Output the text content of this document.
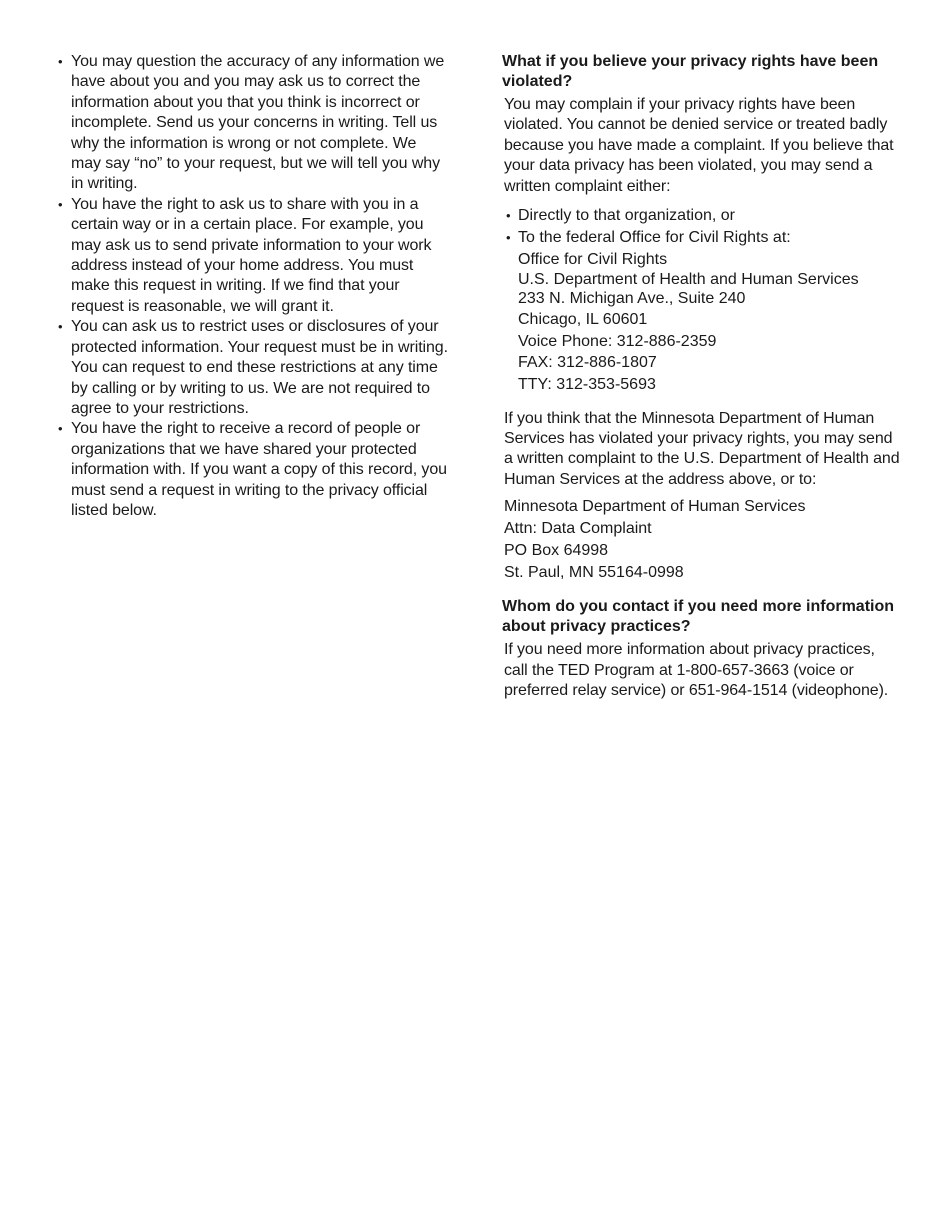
• You may question the accuracy of any information we have about you and you may ask us to correct the information about you that you think is incorrect or incomplete. Send us your concerns in writing. Tell us why the information is wrong or not complete. We may say “no” to your request, but we will tell you why in writing.
• You have the right to ask us to share with you in a certain way or in a certain place. For example, you may ask us to send private information to your work address instead of your home address. You must make this request in writing. If we find that your request is reasonable, we will grant it.
• You can ask us to restrict uses or disclosures of your protected information. Your request must be in writing. You can request to end these restrictions at any time by calling or by writing to us. We are not required to agree to your restrictions.
• You have the right to receive a record of people or organizations that we have shared your protected information with. If you want a copy of this record, you must send a request in writing to the privacy official listed below.
What if you believe your privacy rights have been violated?

You may complain if your privacy rights have been violated. You cannot be denied service or treated badly because you have made a complaint. If you believe that your data privacy has been violated, you may send a written complaint either:

• Directly to that organization, or
• To the federal Office for Civil Rights at:
Office for Civil Rights
U.S. Department of Health and Human Services
233 N. Michigan Ave., Suite 240
Chicago, IL 60601
Voice Phone: 312-886-2359
FAX: 312-886-1807
TTY: 312-353-5693

If you think that the Minnesota Department of Human Services has violated your privacy rights, you may send a written complaint to the U.S. Department of Health and Human Services at the address above, or to:

Minnesota Department of Human Services
Attn: Data Complaint
PO Box 64998
St. Paul, MN 55164-0998
Whom do you contact if you need more information about privacy practices?

If you need more information about privacy practices, call the TED Program at 1-800-657-3663 (voice or preferred relay service) or 651-964-1514 (videophone).
